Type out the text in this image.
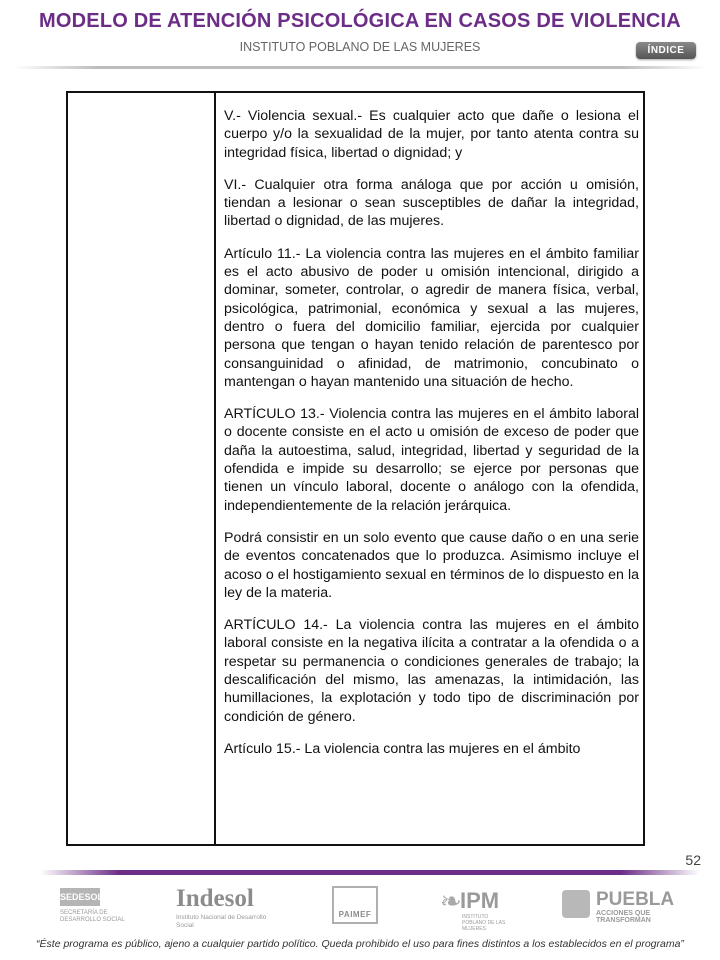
MODELO DE ATENCIÓN PSICOLÓGICA EN CASOS DE VIOLENCIA
INSTITUTO POBLANO DE LAS MUJERES	ÍNDICE

V.- Violencia sexual.- Es cualquier acto que dañe o lesiona el cuerpo y/o la sexualidad de la mujer, por tanto atenta contra su integridad física, libertad o dignidad; y

VI.- Cualquier otra forma análoga que por acción u omisión, tiendan a lesionar o sean susceptibles de dañar la integridad, libertad o dignidad, de las mujeres.

Artículo 11.- La violencia contra las mujeres en el ámbito familiar es el acto abusivo de poder u omisión intencional, dirigido a dominar, someter, controlar, o agredir de manera física, verbal, psicológica, patrimonial, económica y sexual a las mujeres, dentro o fuera del domicilio familiar, ejercida por cualquier persona que tengan o hayan tenido relación de parentesco por consanguinidad o afinidad, de matrimonio, concubinato o mantengan o hayan mantenido una situación de hecho.

ARTÍCULO 13.- Violencia contra las mujeres en el ámbito laboral o docente consiste en el acto u omisión de exceso de poder que daña la autoestima, salud, integridad, libertad y seguridad de la ofendida e impide su desarrollo; se ejerce por personas que tienen un vínculo laboral, docente o análogo con la ofendida, independientemente de la relación jerárquica.

Podrá consistir en un solo evento que cause daño o en una serie de eventos concatenados que lo produzca. Asimismo incluye el acoso o el hostigamiento sexual en términos de lo dispuesto en la ley de la materia.

ARTÍCULO 14.- La violencia contra las mujeres en el ámbito laboral consiste en la negativa ilícita a contratar a la ofendida o a respetar su permanencia o condiciones generales de trabajo; la descalificación del mismo, las amenazas, la intimidación, las humillaciones, la explotación y todo tipo de discriminación por condición de género.

Artículo 15.- La violencia contra las mujeres en el ámbito

52
SEDESOL
SECRETARÍA DE DESARROLLO SOCIAL
Indesol
Instituto Nacional de Desarrollo Social
PAIMEF	❧
IPM
INSTITUTO POBLANO DE LAS MUJERES
PUEBLA
ACCIONES QUE TRANSFORMAN
“Éste programa es público, ajeno a cualquier partido político. Queda prohibido el uso para fines distintos a los establecidos en el programa”
